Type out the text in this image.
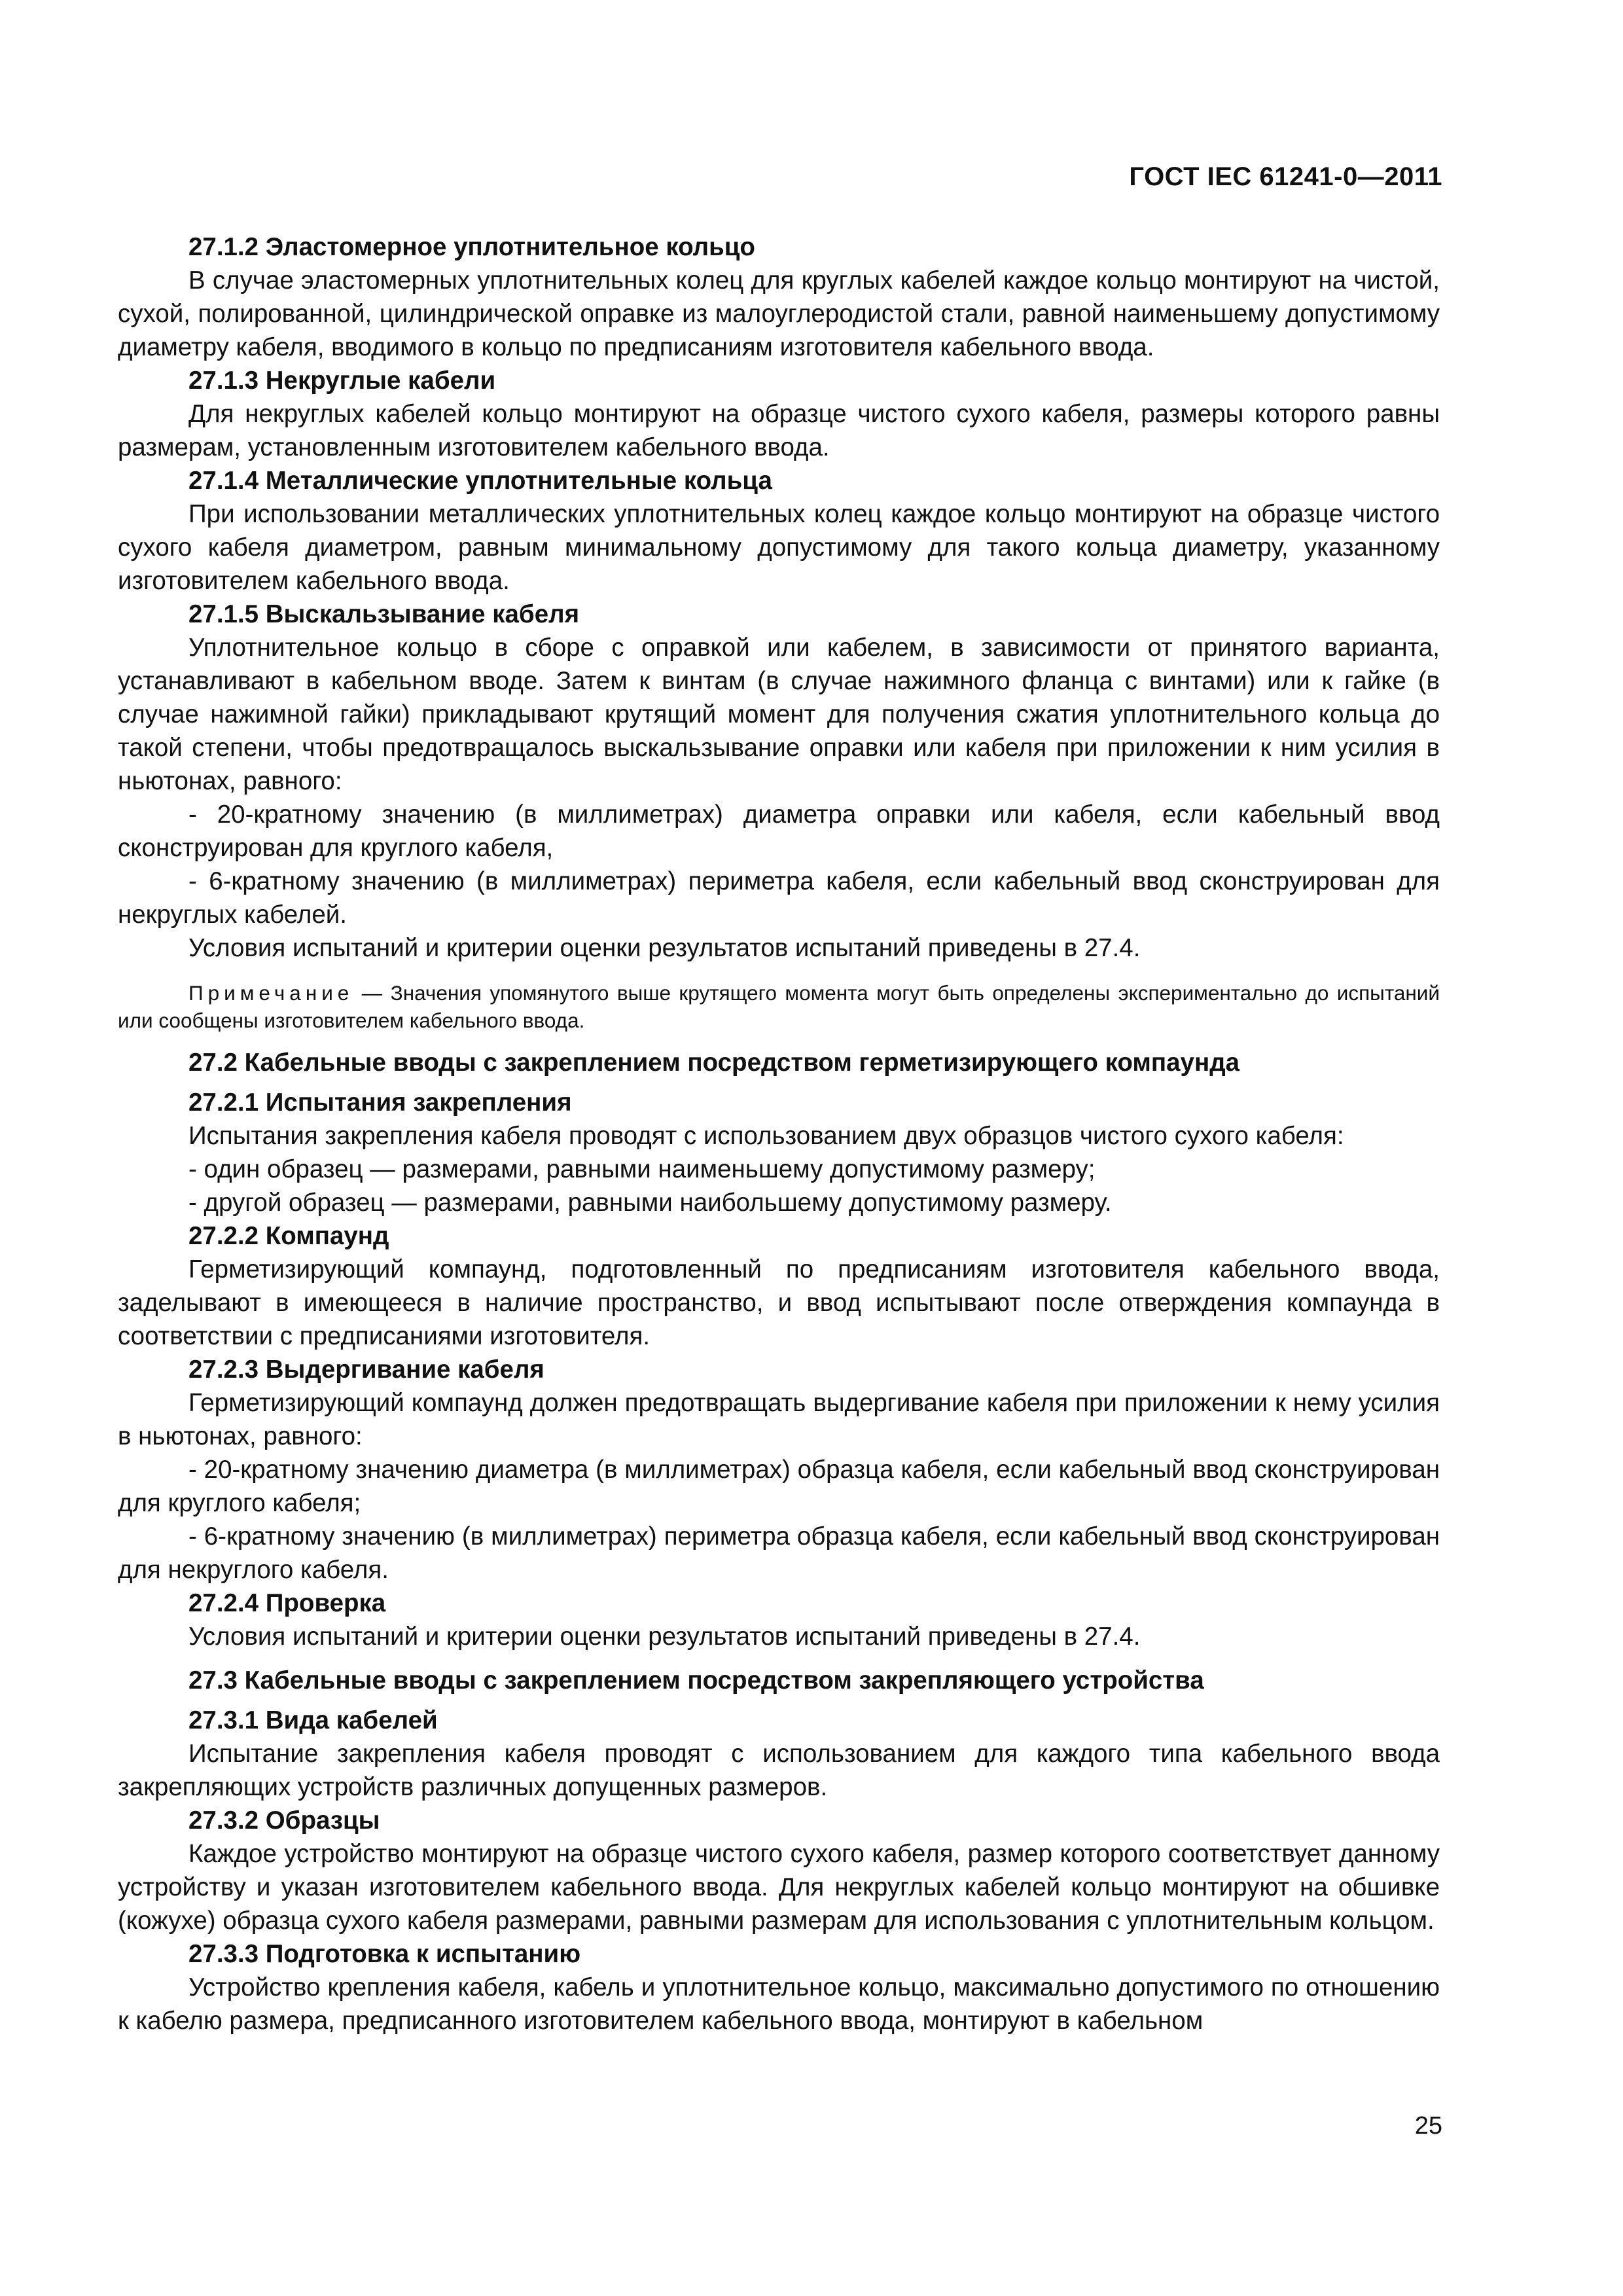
ГОСТ IEC 61241-0—2011

27.1.2 Эластомерное уплотнительное кольцо

В случае эластомерных уплотнительных колец для круглых кабелей каждое кольцо монтируют на чистой, сухой, полированной, цилиндрической оправке из малоуглеродистой стали, равной наименьшему допустимому диаметру кабеля, вводимого в кольцо по предписаниям изготовителя кабельного ввода.

27.1.3 Некруглые кабели

Для некруглых кабелей кольцо монтируют на образце чистого сухого кабеля, размеры которого равны размерам, установленным изготовителем кабельного ввода.

27.1.4 Металлические уплотнительные кольца

При использовании металлических уплотнительных колец каждое кольцо монтируют на образце чистого сухого кабеля диаметром, равным минимальному допустимому для такого кольца диаметру, указанному изготовителем кабельного ввода.

27.1.5 Выскальзывание кабеля

Уплотнительное кольцо в сборе с оправкой или кабелем, в зависимости от принятого варианта, устанавливают в кабельном вводе. Затем к винтам (в случае нажимного фланца с винтами) или к гайке (в случае нажимной гайки) прикладывают крутящий момент для получения сжатия уплотнительного кольца до такой степени, чтобы предотвращалось выскальзывание оправки или кабеля при приложении к ним усилия в ньютонах, равного:

- 20-кратному значению (в миллиметрах) диаметра оправки или кабеля, если кабельный ввод сконструирован для круглого кабеля,

- 6-кратному значению (в миллиметрах) периметра кабеля, если кабельный ввод сконструирован для некруглых кабелей.

Условия испытаний и критерии оценки результатов испытаний приведены в 27.4.

Примечание — Значения упомянутого выше крутящего момента могут быть определены экспериментально до испытаний или сообщены изготовителем кабельного ввода.

27.2 Кабельные вводы с закреплением посредством герметизирующего компаунда

27.2.1 Испытания закрепления

Испытания закрепления кабеля проводят с использованием двух образцов чистого сухого кабеля:

- один образец — размерами, равными наименьшему допустимому размеру;

- другой образец — размерами, равными наибольшему допустимому размеру.

27.2.2 Компаунд

Герметизирующий компаунд, подготовленный по предписаниям изготовителя кабельного ввода, заделывают в имеющееся в наличие пространство, и ввод испытывают после отверждения компаунда в соответствии с предписаниями изготовителя.

27.2.3 Выдергивание кабеля

Герметизирующий компаунд должен предотвращать выдергивание кабеля при приложении к нему усилия в ньютонах, равного:

- 20-кратному значению диаметра (в миллиметрах) образца кабеля, если кабельный ввод сконструирован для круглого кабеля;

- 6-кратному значению (в миллиметрах) периметра образца кабеля, если кабельный ввод сконструирован для некруглого кабеля.

27.2.4 Проверка

Условия испытаний и критерии оценки результатов испытаний приведены в 27.4.

27.3 Кабельные вводы с закреплением посредством закрепляющего устройства

27.3.1 Вида кабелей

Испытание закрепления кабеля проводят с использованием для каждого типа кабельного ввода закрепляющих устройств различных допущенных размеров.

27.3.2 Образцы

Каждое устройство монтируют на образце чистого сухого кабеля, размер которого соответствует данному устройству и указан изготовителем кабельного ввода. Для некруглых кабелей кольцо монтируют на обшивке (кожухе) образца сухого кабеля размерами, равными размерам для использования с уплотнительным кольцом.

27.3.3 Подготовка к испытанию

Устройство крепления кабеля, кабель и уплотнительное кольцо, максимально допустимого по отношению к кабелю размера, предписанного изготовителем кабельного ввода, монтируют в кабельном

25
